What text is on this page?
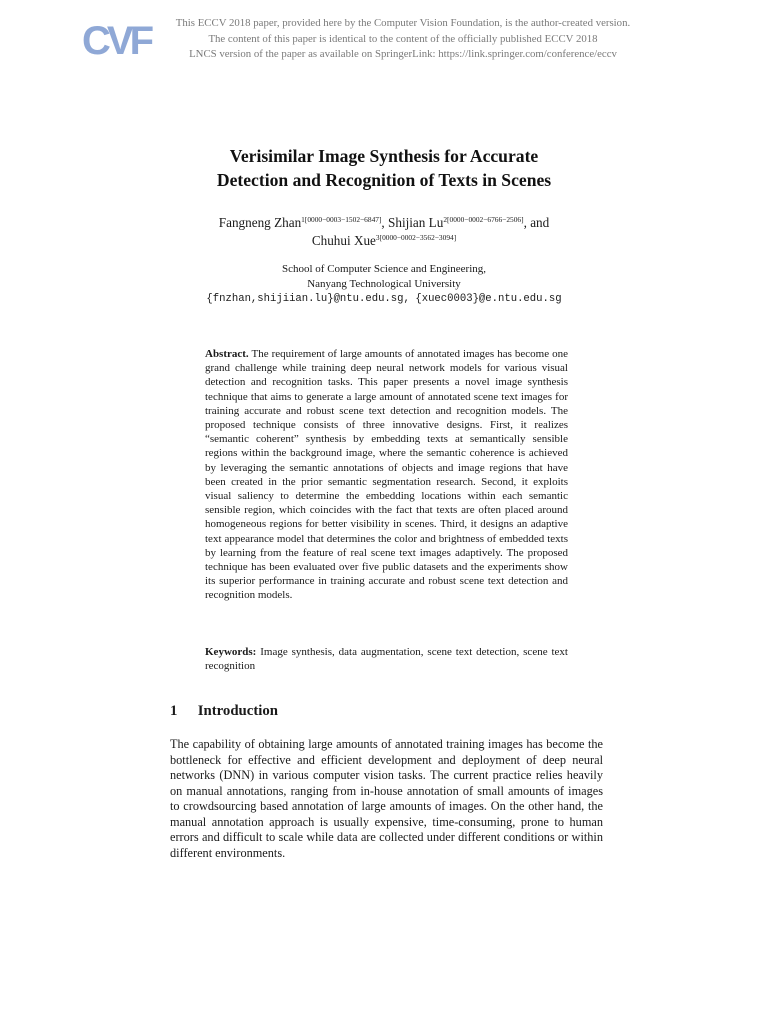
CVF	This ECCV 2018 paper, provided here by the Computer Vision Foundation, is the author-created version.
The content of this paper is identical to the content of the officially published ECCV 2018
LNCS version of the paper as available on SpringerLink: https://link.springer.com/conference/eccv
Verisimilar Image Synthesis for Accurate
Detection and Recognition of Texts in Scenes
Fangneng Zhan$^{1[0000-0003-1502-6847]}$, Shijian $Lu^{2[0000-0002-6766-2506]}$, and
Chuhui Xue$^{3[0000-0002-3562-3094]}$
School of Computer Science and Engineering,
Nanyang Technological University
{fnzhan,shijiian.lu}@ntu.edu.sg, {xuec0003}@e.ntu.edu.sg
Abstract. The requirement of large amounts of annotated images has become one grand challenge while training deep neural network models for various visual detection and recognition tasks. This paper presents a novel image synthesis technique that aims to generate a large amount of annotated scene text images for training accurate and robust scene text detection and recognition models. The proposed technique consists of three innovative designs. First, it realizes “semantic coherent” synthesis by embedding texts at semantically sensible regions within the background image, where the semantic coherence is achieved by leveraging the semantic annotations of objects and image regions that have been created in the prior semantic segmentation research. Second, it exploits visual saliency to determine the embedding locations within each semantic sensible region, which coincides with the fact that texts are often placed around homogeneous regions for better visibility in scenes. Third, it designs an adaptive text appearance model that determines the color and brightness of embedded texts by learning from the feature of real scene text images adaptively. The proposed technique has been evaluated over five public datasets and the experiments show its superior performance in training accurate and robust scene text detection and recognition models.
Keywords: Image synthesis, data augmentation, scene text detection, scene text recognition
1 Introduction
The capability of obtaining large amounts of annotated training images has become the bottleneck for effective and efficient development and deployment of deep neural networks (DNN) in various computer vision tasks. The current practice relies heavily on manual annotations, ranging from in-house annotation of small amounts of images to crowdsourcing based annotation of large amounts of images. On the other hand, the manual annotation approach is usually expensive, time-consuming, prone to human errors and difficult to scale while data are collected under different conditions or within different environments.
